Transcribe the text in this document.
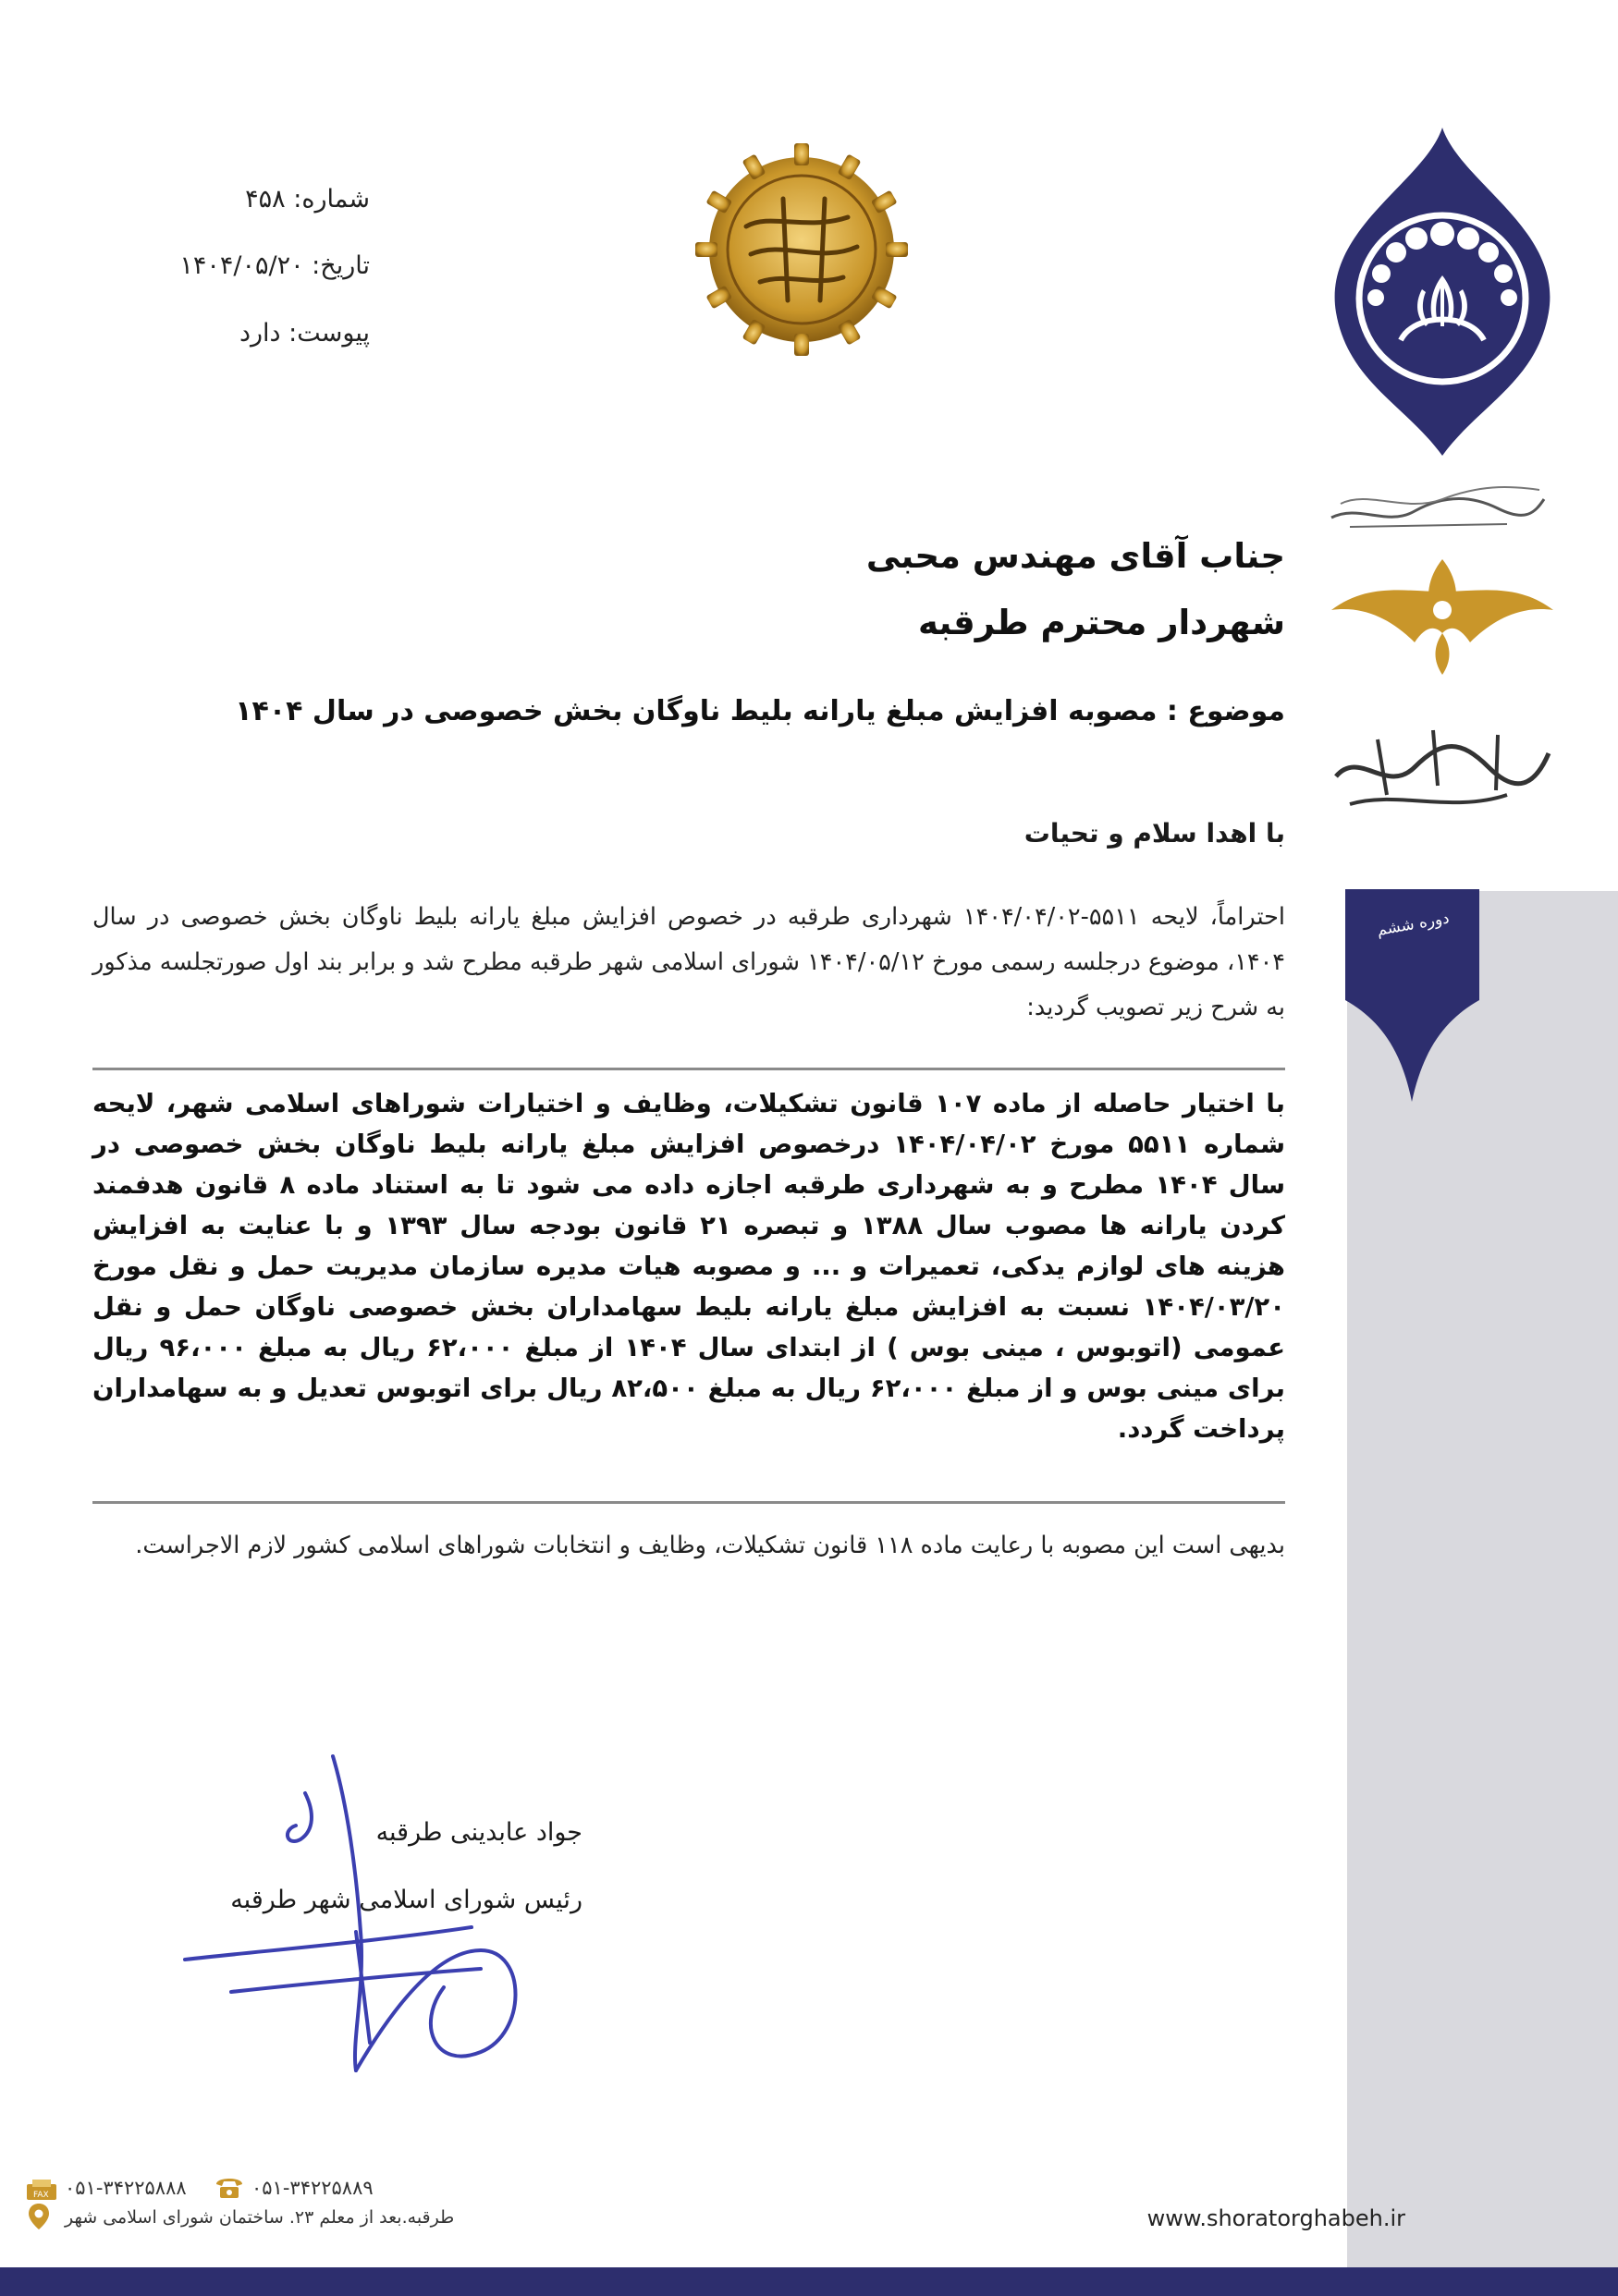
دوره ششم
شماره: ۴۵۸
تاریخ: ۱۴۰۴/۰۵/۲۰
پیوست: دارد
جناب آقای مهندس محبی
شهردار محترم طرقبه
موضوع : مصوبه افزایش مبلغ یارانه بلیط ناوگان بخش خصوصی در سال ۱۴۰۴
با اهدا سلام و تحیات
احتراماً، لایحه ۵۵۱۱-۱۴۰۴/۰۴/۰۲ شهرداری طرقبه در خصوص افزایش مبلغ یارانه بلیط ناوگان بخش خصوصی در سال ۱۴۰۴، موضوع درجلسه رسمی مورخ ۱۴۰۴/۰۵/۱۲ شورای اسلامی شهر طرقبه مطرح شد و برابر بند اول صورتجلسه مذکور به شرح زیر تصویب گردید:
با اختیار حاصله از ماده ۱۰۷ قانون تشکیلات، وظایف و اختیارات شوراهای اسلامی شهر، لایحه شماره ۵۵۱۱ مورخ ۱۴۰۴/۰۴/۰۲ درخصوص افزایش مبلغ یارانه بلیط ناوگان بخش خصوصی در سال ۱۴۰۴ مطرح و به شهرداری طرقبه اجازه داده می شود تا به استناد ماده ۸ قانون هدفمند کردن یارانه ها مصوب سال ۱۳۸۸ و تبصره ۲۱ قانون بودجه سال ۱۳۹۳ و با عنایت به افزایش هزینه های لوازم یدکی، تعمیرات و ... و مصوبه هیات مدیره سازمان مدیریت حمل و نقل مورخ ۱۴۰۴/۰۳/۲۰ نسبت به افزایش مبلغ یارانه بلیط سهامداران بخش خصوصی ناوگان حمل و نقل عمومی (اتوبوس ، مینی بوس ) از ابتدای سال ۱۴۰۴ از مبلغ ۶۲،۰۰۰ ریال به مبلغ ۹۶،۰۰۰ ریال برای مینی بوس و از مبلغ ۶۲،۰۰۰ ریال به مبلغ ۸۲،۵۰۰ ریال برای اتوبوس تعدیل و به سهامداران پرداخت گردد.
بدیهی است این مصوبه با رعایت ماده ۱۱۸ قانون تشکیلات، وظایف و انتخابات شوراهای اسلامی کشور لازم الاجراست.
جواد عابدینی طرقبه
رئیس شورای اسلامی شهر طرقبه
FAX ۰۵۱-۳۴۲۲۵۸۸۸	۰۵۱-۳۴۲۲۵۸۸۹
طرقبه.بعد از معلم ۲۳. ساختمان شورای اسلامی شهر	www.shoratorghabeh.ir
